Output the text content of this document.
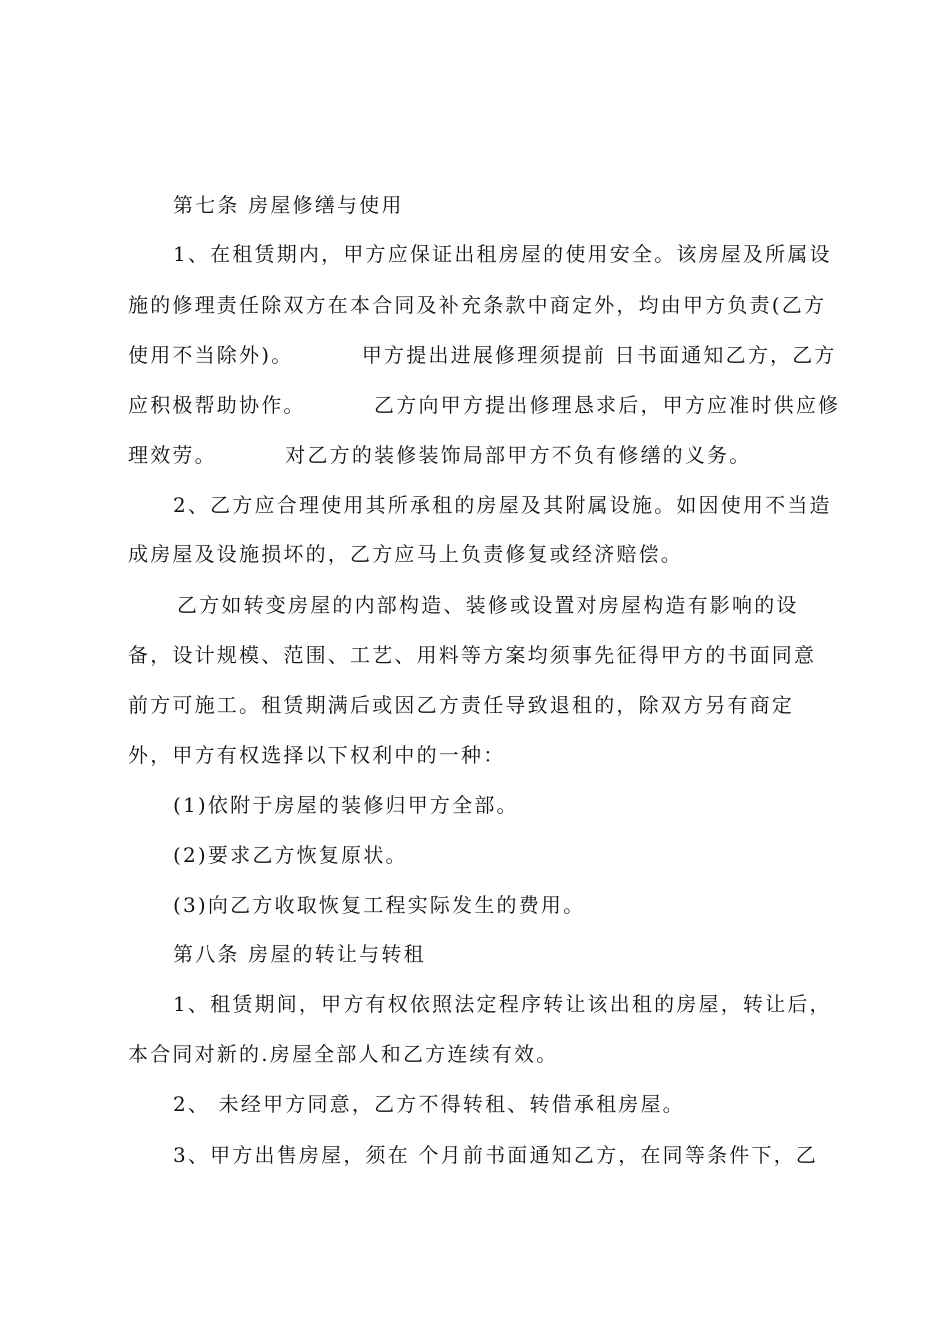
第七条 房屋修缮与使用
1、在租赁期内，甲方应保证出租房屋的使用安全。该房屋及所属设
施的修理责任除双方在本合同及补充条款中商定外，均由甲方负责(乙方
使用不当除外)。        甲方提出进展修理须提前 日书面通知乙方，乙方
应积极帮助协作。        乙方向甲方提出修理恳求后，甲方应准时供应修
理效劳。        对乙方的装修装饰局部甲方不负有修缮的义务。
2、乙方应合理使用其所承租的房屋及其附属设施。如因使用不当造
成房屋及设施损坏的，乙方应马上负责修复或经济赔偿。
乙方如转变房屋的内部构造、装修或设置对房屋构造有影响的设
备，设计规模、范围、工艺、用料等方案均须事先征得甲方的书面同意
前方可施工。租赁期满后或因乙方责任导致退租的，除双方另有商定
外，甲方有权选择以下权利中的一种：
(1)依附于房屋的装修归甲方全部。
(2)要求乙方恢复原状。
(3)向乙方收取恢复工程实际发生的费用。
第八条 房屋的转让与转租
1、租赁期间，甲方有权依照法定程序转让该出租的房屋，转让后，
本合同对新的.房屋全部人和乙方连续有效。
2、 未经甲方同意，乙方不得转租、转借承租房屋。
3、甲方出售房屋，须在 个月前书面通知乙方，在同等条件下，乙
